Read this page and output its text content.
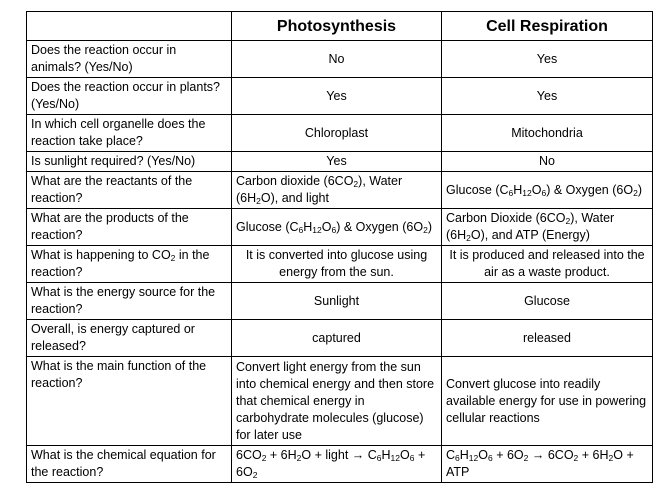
	Photosynthesis	Cell Respiration
Does the reaction occur in animals? (Yes/No)	No	Yes
Does the reaction occur in plants? (Yes/No)	Yes	Yes
In which cell organelle does the reaction take place?	Chloroplast	Mitochondria
Is sunlight required? (Yes/No)	Yes	No
What are the reactants of the reaction?	Carbon dioxide $(6CO_2)$, Water $(6H_2O)$, and light	Glucose $(C_6H_{12}O_6)$ & Oxygen $(6O_2)$
What are the products of the reaction?	Glucose $(C_6H_{12}O_6)$ & Oxygen $(6O_2)$	Carbon Dioxide $(6CO_2)$, Water $(6H_2O)$, and ATP (Energy)
What is happening to $CO_2$ in the reaction?	It is converted into glucose using energy from the sun.	It is produced and released into the air as a waste product.
What is the energy source for the reaction?	Sunlight	Glucose
Overall, is energy captured or released?	captured	released
What is the main function of the reaction?	Convert light energy from the sun into chemical energy and then store that chemical energy in carbohydrate molecules (glucose) for later use	Convert glucose into readily available energy for use in powering cellular reactions
What is the chemical equation for the reaction?	$6CO_2 + 6H_2O$ + light → $C_6H_{12}O_6 + 6O_2$	$C_6H_{12}O_6 + 6O_2 \to 6CO_2 + 6H_2O$ + ATP
